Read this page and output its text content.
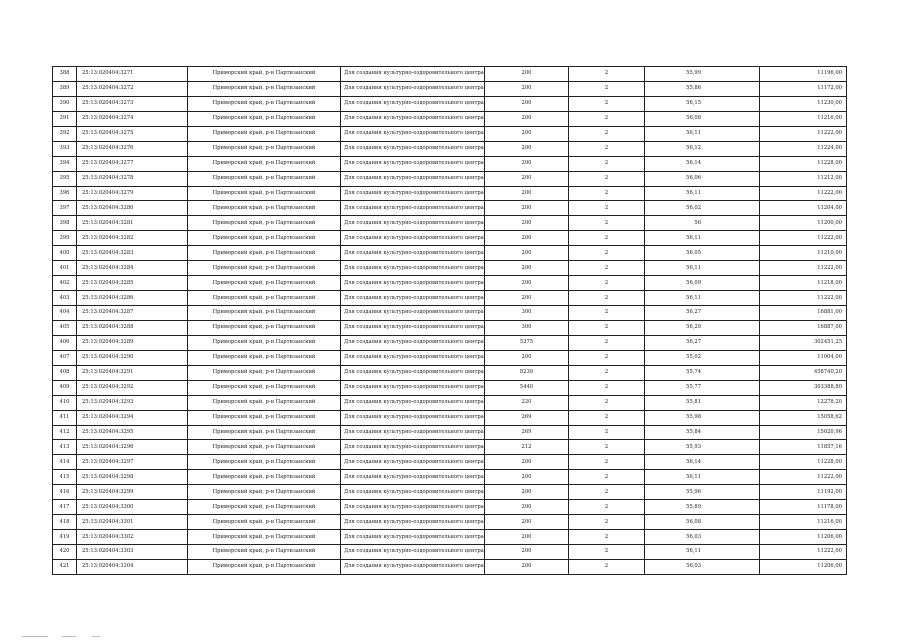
388	25:13:020404:3271	Приморский край, р-н Партизанский	Для создания культурно-оздоровительного центра	200	2	55,99	11196,00
389	25:13:020404:3272	Приморский край, р-н Партизанский	Для создания культурно-оздоровительного центра	200	2	55,86	11172,00
390	25:13:020404:3273	Приморский край, р-н Партизанский	Для создания культурно-оздоровительного центра	200	2	56,15	11230,00
391	25:13:020404:3274	Приморский край, р-н Партизанский	Для создания культурно-оздоровительного центра	200	2	56,08	11216,00
392	25:13:020404:3275	Приморский край, р-н Партизанский	Для создания культурно-оздоровительного центра	200	2	56,11	11222,00
393	25:13:020404:3276	Приморский край, р-н Партизанский	Для создания культурно-оздоровительного центра	200	2	56,12	11224,00
394	25:13:020404:3277	Приморский край, р-н Партизанский	Для создания культурно-оздоровительного центра	200	2	56,14	11228,00
395	25:13:020404:3278	Приморский край, р-н Партизанский	Для создания культурно-оздоровительного центра	200	2	56,06	11212,00
396	25:13:020404:3279	Приморский край, р-н Партизанский	Для создания культурно-оздоровительного центра	200	2	56,11	11222,00
397	25:13:020404:3280	Приморский край, р-н Партизанский	Для создания культурно-оздоровительного центра	200	2	56,02	11204,00
398	25:13:020404:3281	Приморский край, р-н Партизанский	Для создания культурно-оздоровительного центра	200	2	56	11200,00
399	25:13:020404:3282	Приморский край, р-н Партизанский	Для создания культурно-оздоровительного центра	200	2	56,11	11222,00
400	25:13:020404:3283	Приморский край, р-н Партизанский	Для создания культурно-оздоровительного центра	200	2	56,05	11210,00
401	25:13:020404:3284	Приморский край, р-н Партизанский	Для создания культурно-оздоровительного центра	200	2	56,11	11222,00
402	25:13:020404:3285	Приморский край, р-н Партизанский	Для создания культурно-оздоровительного центра	200	2	56,09	11218,00
403	25:13:020404:3286	Приморский край, р-н Партизанский	Для создания культурно-оздоровительного центра	200	2	56,11	11222,00
404	25:13:020404:3287	Приморский край, р-н Партизанский	Для создания культурно-оздоровительного центра	300	2	56,27	16881,00
405	25:13:020404:3288	Приморский край, р-н Партизанский	Для создания культурно-оздоровительного центра	300	2	56,29	16887,00
406	25:13:020404:3289	Приморский край, р-н Партизанский	Для создания культурно-оздоровительного центра	5375	2	56,27	302451,25
407	25:13:020404:3290	Приморский край, р-н Партизанский	Для создания культурно-оздоровительного центра	200	2	55,02	11004,00
408	25:13:020404:3291	Приморский край, р-н Партизанский	Для создания культурно-оздоровительного центра	8230	2	55,74	458740,20
409	25:13:020404:3292	Приморский край, р-н Партизанский	Для создания культурно-оздоровительного центра	5440	2	55,77	303388,80
410	25:13:020404:3293	Приморский край, р-н Партизанский	Для создания культурно-оздоровительного центра	220	2	55,81	12278,20
411	25:13:020404:3294	Приморский край, р-н Партизанский	Для создания культурно-оздоровительного центра	269	2	55,98	15058,62
412	25:13:020404:3295	Приморский край, р-н Партизанский	Для создания культурно-оздоровительного центра	269	2	55,84	15020,96
413	25:13:020404:3296	Приморский край, р-н Партизанский	Для создания культурно-оздоровительного центра	212	2	55,93	11857,16
414	25:13:020404:3297	Приморский край, р-н Партизанский	Для создания культурно-оздоровительного центра	200	2	56,14	11228,00
415	25:13:020404:3298	Приморский край, р-н Партизанский	Для создания культурно-оздоровительного центра	200	2	56,11	11222,00
416	25:13:020404:3299	Приморский край, р-н Партизанский	Для создания культурно-оздоровительного центра	200	2	55,96	11192,00
417	25:13:020404:3300	Приморский край, р-н Партизанский	Для создания культурно-оздоровительного центра	200	2	55,89	11178,00
418	25:13:020404:3301	Приморский край, р-н Партизанский	Для создания культурно-оздоровительного центра	200	2	56,08	11216,00
419	25:13:020404:3302	Приморский край, р-н Партизанский	Для создания культурно-оздоровительного центра	200	2	56,03	11206,00
420	25:13:020404:3303	Приморский край, р-н Партизанский	Для создания культурно-оздоровительного центра	200	2	56,11	11222,00
421	25:13:020404:3304	Приморский край, р-н Партизанский	Для создания культурно-оздоровительного центра	200	2	56,03	11206,00
